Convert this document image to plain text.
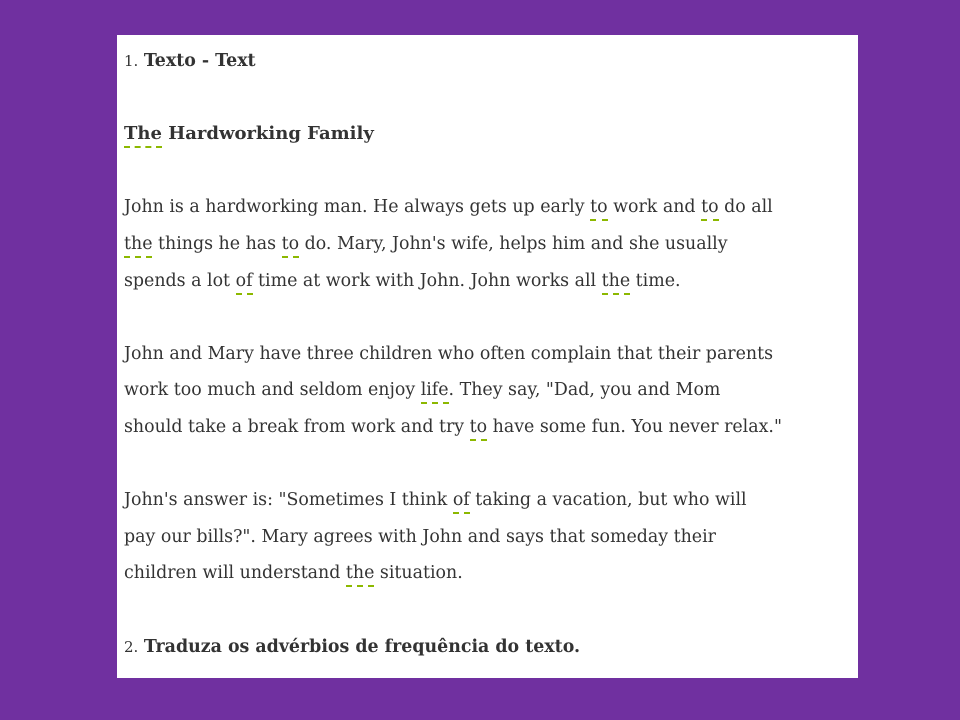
1. Texto - Text
The Hardworking Family
John is a hardworking man. He always gets up early to work and to do all
the things he has to do. Mary, John's wife, helps him and she usually
spends a lot of time at work with John. John works all the time.
John and Mary have three children who often complain that their parents
work too much and seldom enjoy life. They say, "Dad, you and Mom
should take a break from work and try to have some fun. You never relax."
John's answer is: "Sometimes I think of taking a vacation, but who will
pay our bills?". Mary agrees with John and says that someday their
children will understand the situation.
2. Traduza os advérbios de frequência do texto.
